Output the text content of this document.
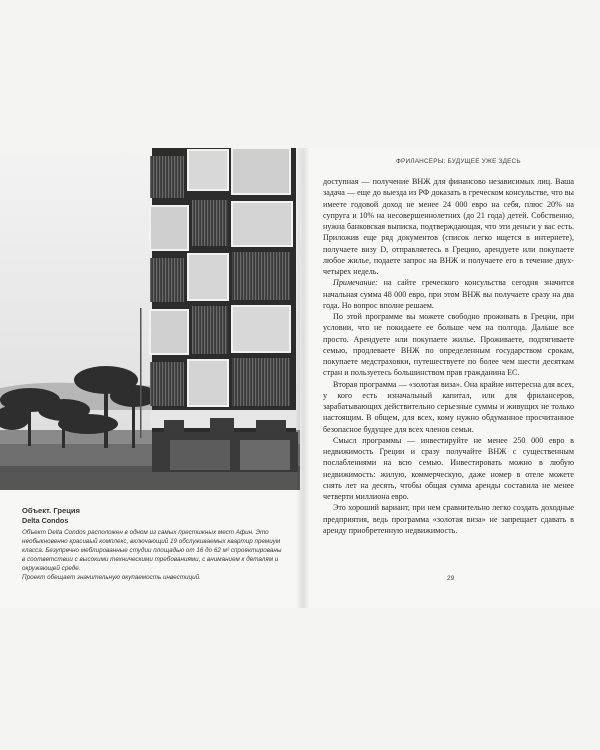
Объект. Греция
Delta Condos

Объект Delta Condos расположен в одном из самых престижных мест Афин. Это необыкновенно красивый комплекс, включающий 19 обслуживаемых квартир премиум класса. Безупречно меблированные студии площадью от 16 до 62 м² спроектированы в соответствии с высокими техническими требованиями, с вниманием к деталям и окружающей среде.

Проект обещает значительную окупаемость инвестиций.

ФРИЛАНСЕРЫ: БУДУЩЕЕ УЖЕ ЗДЕСЬ

доступная — получение ВНЖ для финансово независимых лиц. Ваша задача — еще до выезда из РФ доказать в греческом консульстве, что вы имеете годовой доход не менее 24 000 евро на себя, плюс 20% на супруга и 10% на несовершеннолетних (до 21 года) детей. Собственно, нужна банковская выписка, подтверждающая, что эти деньги у вас есть. Приложив еще ряд документов (список легко ищется в интернете), получаете визу D, отправляетесь в Грецию, арендуете или покупаете любое жилье, подаете запрос на ВНЖ и получаете его в течение двух-четырех недель.

Примечание: на сайте греческого консульства сегодня значится начальная сумма 48 000 евро, при этом ВНЖ вы получаете сразу на два года. Но вопрос вполне решаем.

По этой программе вы можете свободно проживать в Греции, при условии, что не покидаете ее больше чем на полгода. Дальше все просто. Арендуете или покупаете жилье. Проживаете, подтягиваете семью, продлеваете ВНЖ по определенным государством срокам, покупаете медстраховки, путешествуете по более чем шести десяткам стран и пользуетесь большинством прав гражданина ЕС.

Вторая программа — «золотая виза». Она крайне интересна для всех, у кого есть изначальный капитал, или для фрилансеров, зарабатывающих действительно серьезные суммы и живущих не только настоящим. В общем, для всех, кому нужно обдуманное просчитанное безопасное будущее для всех членов семьи.

Смысл программы — инвестируйте не менее 250 000 евро в недвижимость Греции и сразу получайте ВНЖ с существенным послаблениями на всю семью. Инвестировать можно в любую недвижимость: жилую, коммерческую, даже номер в отеле можете снять лет на десять, чтобы общая сумма аренды составила не менее четверти миллиона евро.

Это хороший вариант, при нем сравнительно легко создать доходные предприятия, ведь программа «золотая виза» не запрещает сдавать в аренду приобретенную недвижимость.

29
